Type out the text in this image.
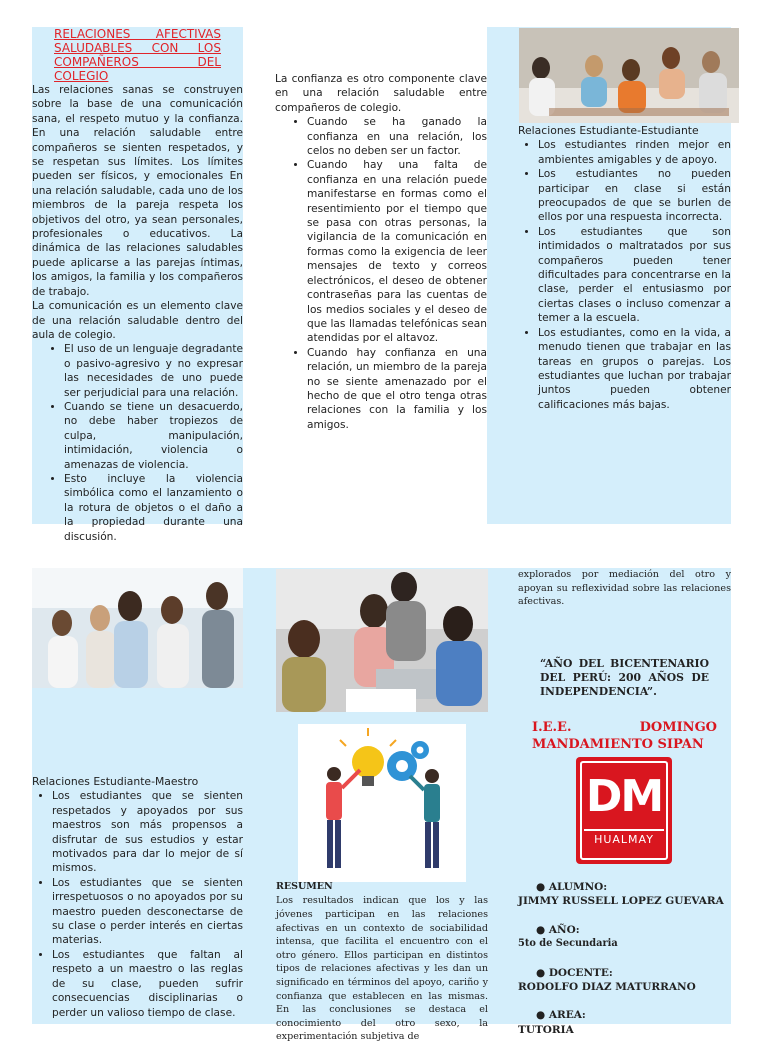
RELACIONES AFECTIVAS SALUDABLES CON LOS COMPAÑEROS DEL COLEGIO

Las relaciones sanas se construyen sobre la base de una comunicación sana, el respeto mutuo y la confianza. En una relación saludable entre compañeros se sienten respetados, y se respetan sus límites. Los límites pueden ser físicos, y emocionales En una relación saludable, cada uno de los miembros de la pareja respeta los objetivos del otro, ya sean personales, profesionales o educativos. La dinámica de las relaciones saludables puede aplicarse a las parejas íntimas, los amigos, la familia y los compañeros de trabajo.

La comunicación es un elemento clave de una relación saludable dentro del aula de colegio.

• El uso de un lenguaje degradante o pasivo-agresivo y no expresar las necesidades de uno puede ser perjudicial para una relación.
• Cuando se tiene un desacuerdo, no debe haber tropiezos de culpa, manipulación, intimidación, violencia o amenazas de violencia.
• Esto incluye la violencia simbólica como el lanzamiento o la rotura de objetos o el daño a la propiedad durante una discusión.

La confianza es otro componente clave en una relación saludable entre compañeros de colegio.

• Cuando se ha ganado la confianza en una relación, los celos no deben ser un factor.
• Cuando hay una falta de confianza en una relación puede manifestarse en formas como el resentimiento por el tiempo que se pasa con otras personas, la vigilancia de la comunicación en formas como la exigencia de leer mensajes de texto y correos electrónicos, el deseo de obtener contraseñas para las cuentas de los medios sociales y el deseo de que las llamadas telefónicas sean atendidas por el altavoz.
• Cuando hay confianza en una relación, un miembro de la pareja no se siente amenazado por el hecho de que el otro tenga otras relaciones con la familia y los amigos.

Relaciones Estudiante-Estudiante

• Los estudiantes rinden mejor en ambientes amigables y de apoyo.
• Los estudiantes no pueden participar en clase si están preocupados de que se burlen de ellos por una respuesta incorrecta.
• Los estudiantes que son intimidados o maltratados por sus compañeros pueden tener dificultades para concentrarse en la clase, perder el entusiasmo por ciertas clases o incluso comenzar a temer a la escuela.
• Los estudiantes, como en la vida, a menudo tienen que trabajar en las tareas en grupos o parejas. Los estudiantes que luchan por trabajar juntos pueden obtener calificaciones más bajas.

Relaciones Estudiante-Maestro

• Los estudiantes que se sienten respetados y apoyados por sus maestros son más propensos a disfrutar de sus estudios y estar motivados para dar lo mejor de sí mismos.
• Los estudiantes que se sienten irrespetuosos o no apoyados por su maestro pueden desconectarse de su clase o perder interés en ciertas materias.
• Los estudiantes que faltan al respeto a un maestro o las reglas de su clase, pueden sufrir consecuencias disciplinarias o perder un valioso tiempo de clase.

RESUMEN

Los resultados indican que los y las jóvenes participan en las relaciones afectivas en un contexto de sociabilidad intensa, que facilita el encuentro con el otro género. Ellos participan en distintos tipos de relaciones afectivas y les dan un significado en términos del apoyo, cariño y confianza que establecen en las mismas. En las conclusiones se destaca el conocimiento del otro sexo, la experimentación subjetiva de

explorados por mediación del otro y apoyan su reflexividad sobre las relaciones afectivas.

“AÑO DEL BICENTENARIO DEL PERÚ: 200 AÑOS DE INDEPENDENCIA”.

I.E.E. DOMINGO MANDAMIENTO SIPAN

DM
HUALMAY
● ALUMNO:
JIMMY RUSSELL LOPEZ GUEVARA
● AÑO:
5to de Secundaria
● DOCENTE:
RODOLFO DIAZ MATURRANO
● AREA:
TUTORIA
